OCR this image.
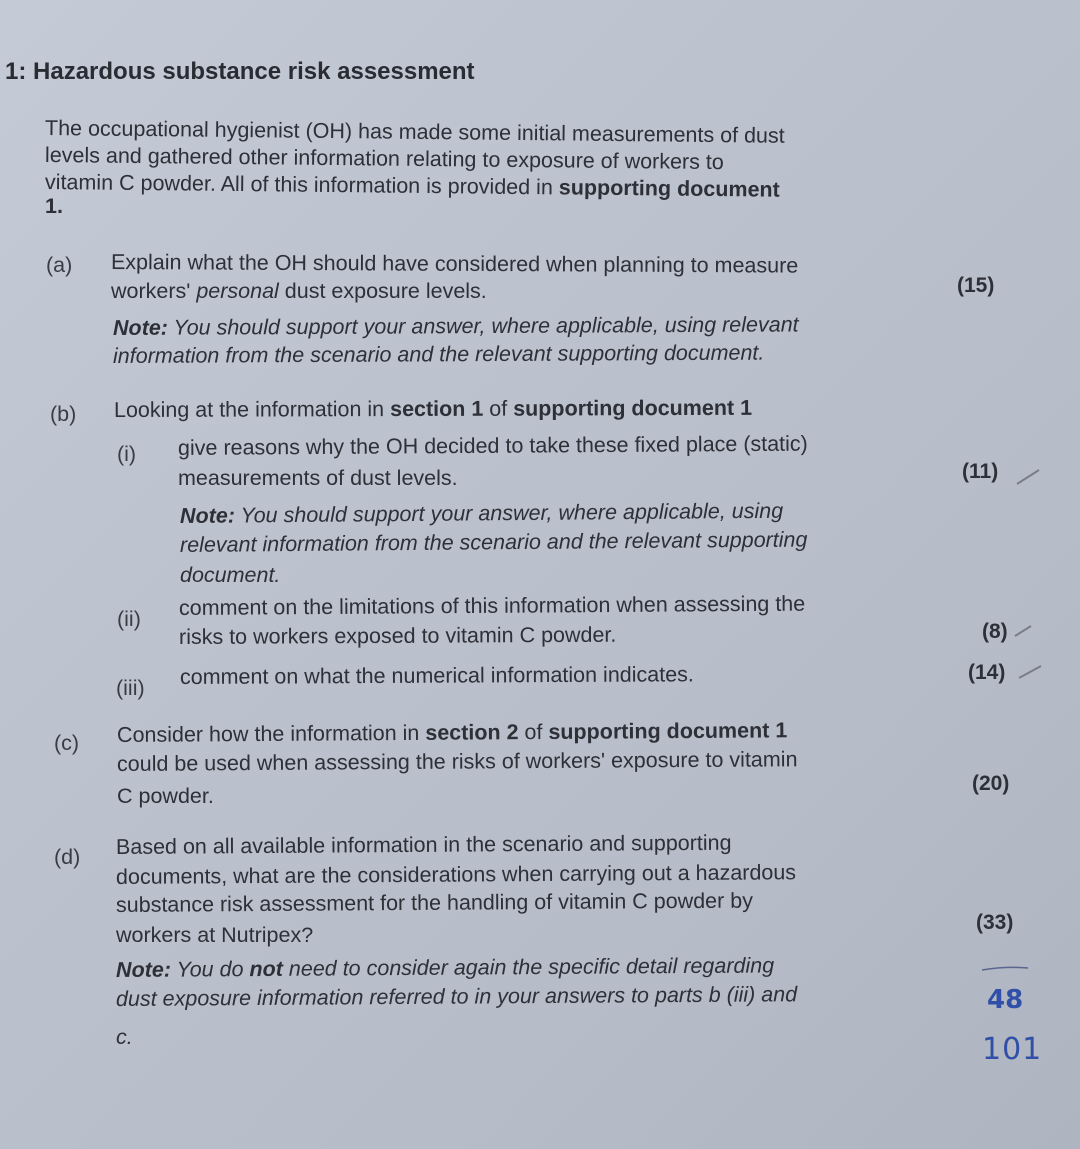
1: Hazardous substance risk assessment
The occupational hygienist (OH) has made some initial measurements of dust
levels and gathered other information relating to exposure of workers to
vitamin C powder. All of this information is provided in supporting document
1.
(a) Explain what the OH should have considered when planning to measure
workers' personal dust exposure levels.	(15)
Note: You should support your answer, where applicable, using relevant
information from the scenario and the relevant supporting document.
(b) Looking at the information in section 1 of supporting document 1
(i) give reasons why the OH decided to take these fixed place (static)
measurements of dust levels.	(11)
Note: You should support your answer, where applicable, using
relevant information from the scenario and the relevant supporting
document.
(ii) comment on the limitations of this information when assessing the
risks to workers exposed to vitamin C powder.	(8)
(iii) comment on what the numerical information indicates.	(14)
(c) Consider how the information in section 2 of supporting document 1
could be used when assessing the risks of workers' exposure to vitamin
C powder.
(20)
(d) Based on all available information in the scenario and supporting
documents, what are the considerations when carrying out a hazardous
substance risk assessment for the handling of vitamin C powder by
workers at Nutripex?
(33)
Note: You do not need to consider again the specific detail regarding
dust exposure information referred to in your answers to parts b (iii) and
c.
48
101
